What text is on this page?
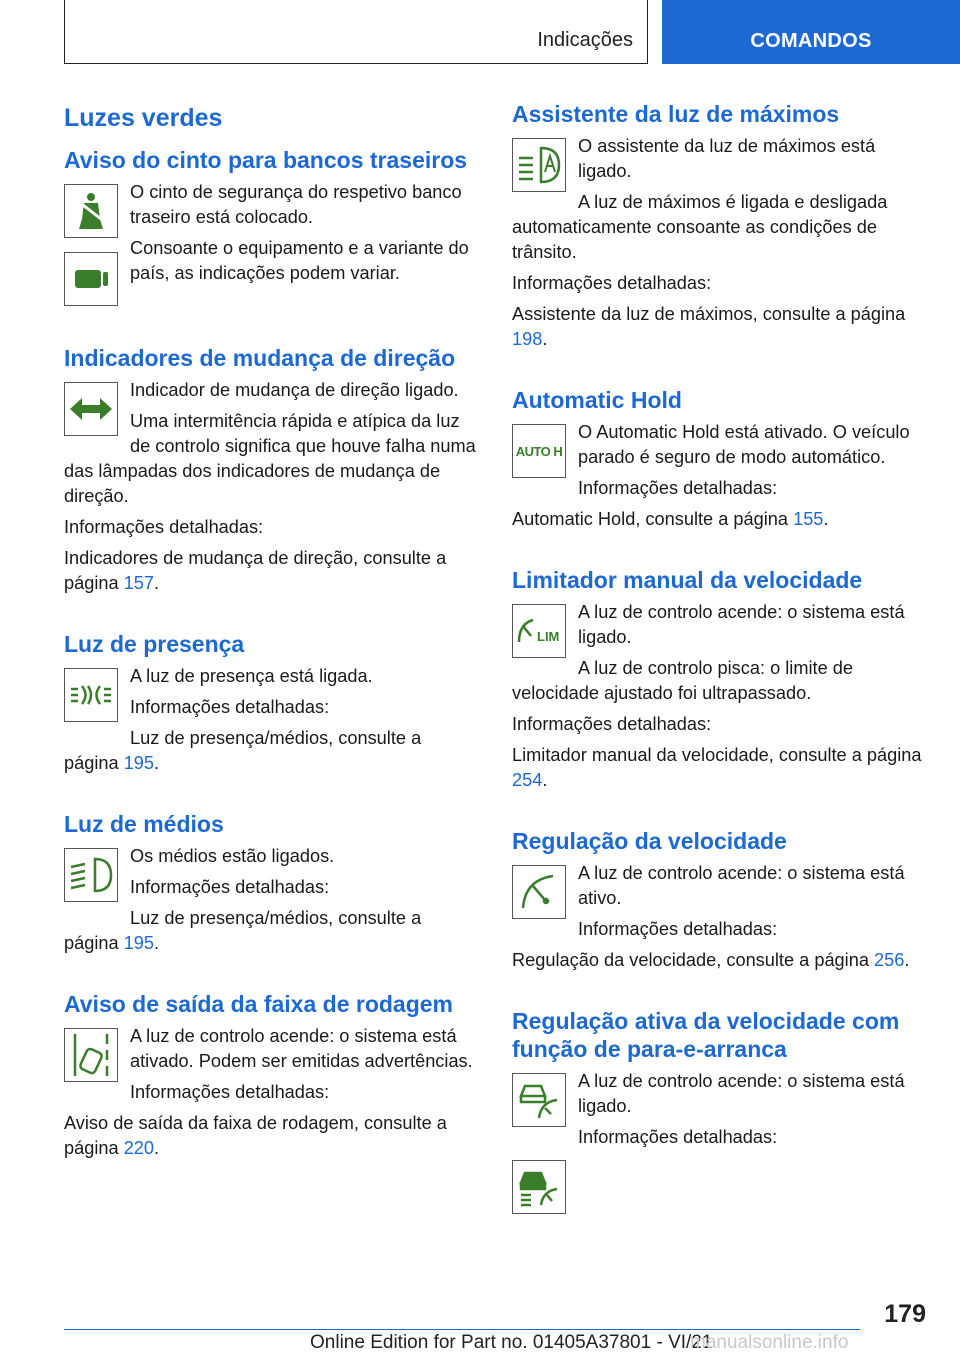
Indicações	COMANDOS
Luzes verdes
Aviso do cinto para bancos traseiros

O cinto de segurança do respetivo banco traseiro está colocado.

Consoante o equipamento e a variante do país, as indicações podem variar.

Indicadores de mudança de direção

Indicador de mudança de direção ligado.

Uma intermitência rápida e atípica da luz de controlo significa que houve falha numa das lâmpadas dos indicadores de mudança de direção.

Informações detalhadas:

Indicadores de mudança de direção, consulte a página 157.

Luz de presença

A luz de presença está ligada.

Informações detalhadas:

Luz de presença/médios, consulte a página 195.

Luz de médios

Os médios estão ligados.

Informações detalhadas:

Luz de presença/médios, consulte a página 195.

Aviso de saída da faixa de rodagem

A luz de controlo acende: o sistema está ativado. Podem ser emitidas advertências.

Informações detalhadas:

Aviso de saída da faixa de rodagem, consulte a página 220.

Assistente da luz de máximos

O assistente da luz de máximos está ligado.

A luz de máximos é ligada e desligada automaticamente consoante as condições de trânsito.

Informações detalhadas:

Assistente da luz de máximos, consulte a página 198.

Automatic Hold
AUTO H

O Automatic Hold está ativado. O veículo parado é seguro de modo automático.

Informações detalhadas:

Automatic Hold, consulte a página 155.

Limitador manual da velocidade
LIM

A luz de controlo acende: o sistema está ligado.

A luz de controlo pisca: o limite de velocidade ajustado foi ultrapassado.

Informações detalhadas:

Limitador manual da velocidade, consulte a página 254.

Regulação da velocidade

A luz de controlo acende: o sistema está ativo.

Informações detalhadas:

Regulação da velocidade, consulte a página 256.

Regulação ativa da velocidade com função de para-e-arranca

A luz de controlo acende: o sistema está ligado.

Informações detalhadas:

179
Online Edition for Part no. 01405A37801 - VI/21
manualsonline.info
